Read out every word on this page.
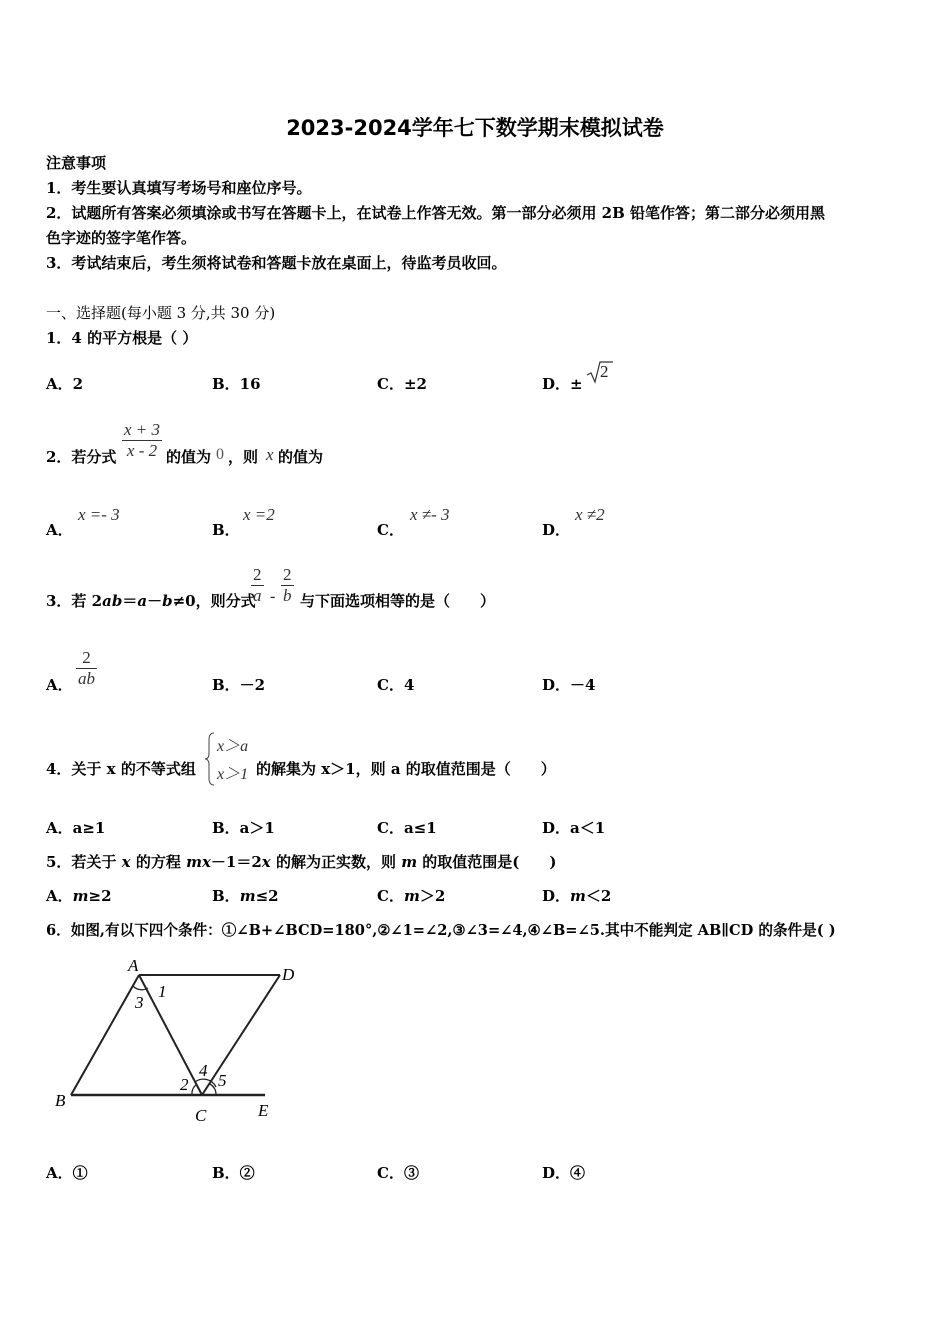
2023-2024学年七下数学期末模拟试卷
注意事项
1．考生要认真填写考场号和座位序号。
2．试题所有答案必须填涂或书写在答题卡上，在试卷上作答无效。第一部分必须用 2B 铅笔作答；第二部分必须用黑
色字迹的签字笔作答。
3．考试结束后，考生须将试卷和答题卡放在桌面上，待监考员收回。
一、选择题(每小题 3 分,共 30 分)
1．4 的平方根是（ ）
A．2	B．16	C．±2	D．±
2
$\frac{x + 3}{x - 2}$
2．若分式	的值为 0 ，则 x 的值为
A．
x =- 3
B．
x =2
C．
x ≠- 3
D．
x ≠2
3．若 2ab＝a－b≠0，则分式
$\frac{2}{a} - \frac{2}{b}$ 与下面选项相等的是（　　）
A． $\frac{2}{ab}$	B．－2	C．4	D．－4
4．关于 x 的不等式组
x＞a
x＞1 的解集为 x＞1，则 a 的取值范围是（　　）
A．a≥1	B．a＞1	C．a≤1	D．a＜1
5．若关于 x 的方程 mx－1＝2x 的解为正实数，则 m 的取值范围是(　　)
A．m≥2	B．m≤2	C．m＞2	D．m＜2
6．如图,有以下四个条件：①∠B+∠BCD=180°,②∠1=∠2,③∠3=∠4,④∠B=∠5.其中不能判定 AB∥CD 的条件是( )
A	D
B
C	E
1
3
2
4
5
A．①	B．②	C．③	D．④
